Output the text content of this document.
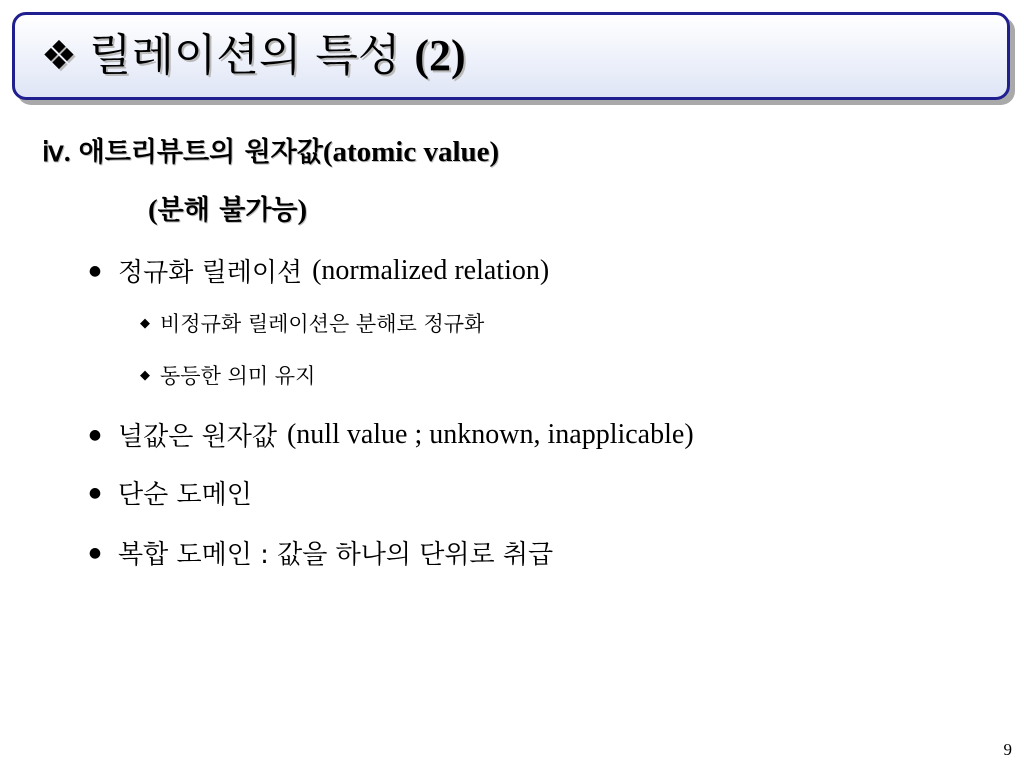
❖ 릴레이션의 특성 (2)
ⅳ. 애트리뷰트의 원자값(atomic value)
(분해 불가능)
● 정규화 릴레이션 (normalized relation)
◆ 비정규화 릴레이션은 분해로 정규화
◆ 동등한 의미 유지
● 널값은 원자값 (null value ; unknown, inapplicable)
● 단순 도메인
● 복합 도메인 : 값을 하나의 단위로 취급
9
